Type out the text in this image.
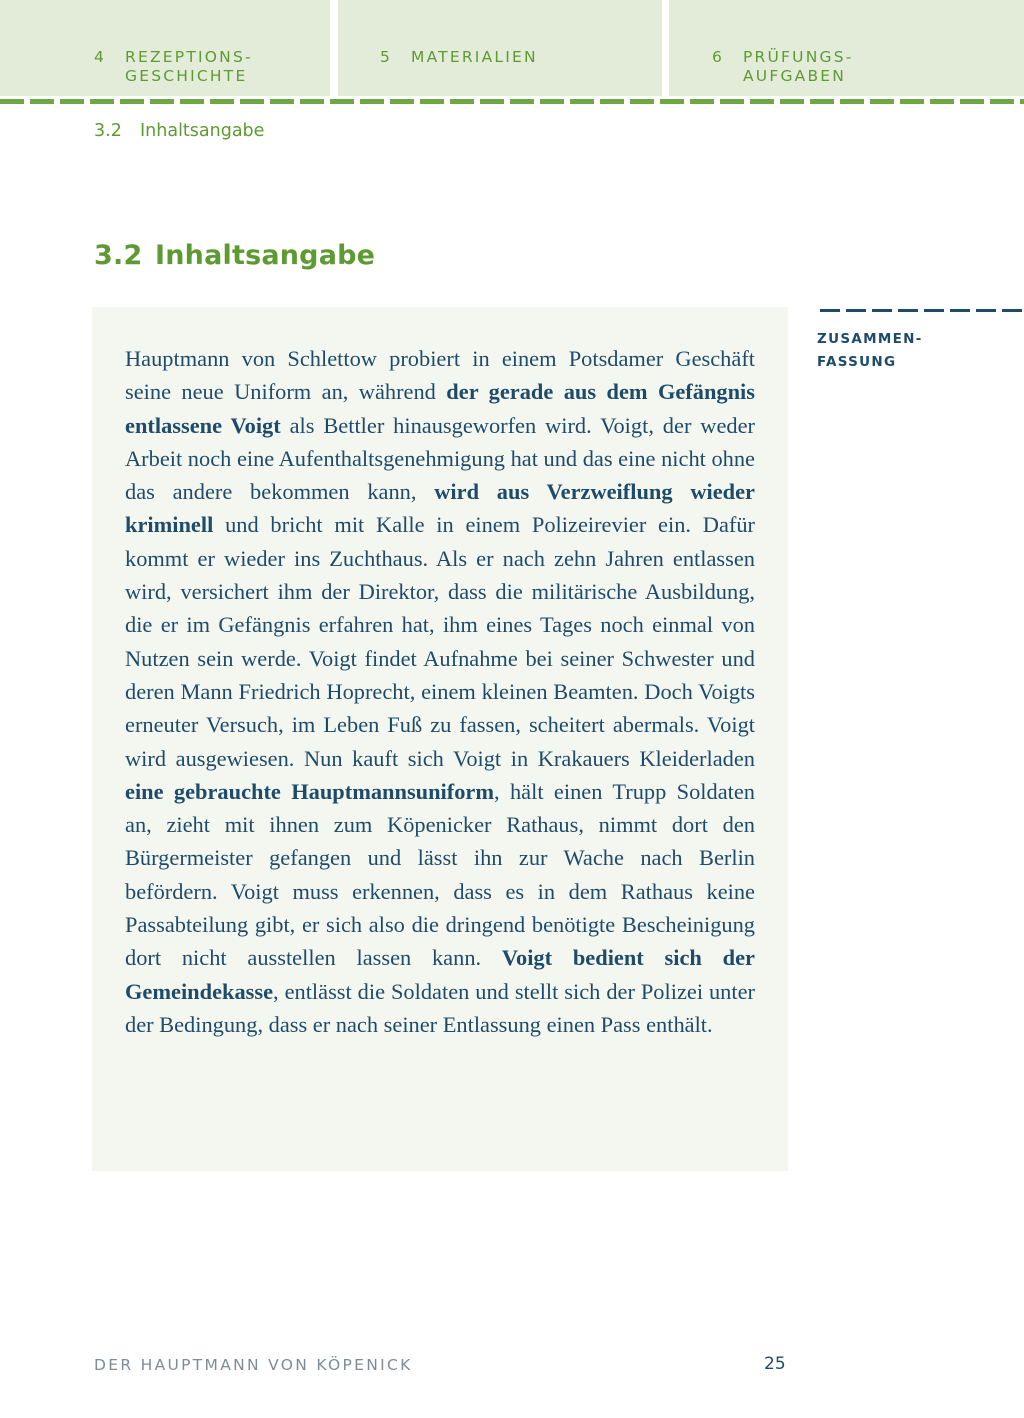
4	REZEPTIONS-
GESCHICHTE
5	MATERIALIEN	6	PRÜFUNGS-
AUFGABEN
3.2	Inhaltsangabe
3.2 Inhaltsangabe
ZUSAMMEN-
FASSUNG

Hauptmann von Schlettow probiert in einem Potsdamer Geschäft seine neue Uniform an, während der gerade aus dem Gefängnis entlassene Voigt als Bettler hinausgeworfen wird. Voigt, der weder Arbeit noch eine Aufenthaltsgenehmigung hat und das eine nicht ohne das andere bekommen kann, wird aus Verzweiflung wieder kriminell und bricht mit Kalle in einem Polizeirevier ein. Dafür kommt er wieder ins Zuchthaus. Als er nach zehn Jahren entlassen wird, versichert ihm der Direktor, dass die militärische Ausbildung, die er im Gefängnis erfahren hat, ihm eines Tages noch einmal von Nutzen sein werde. Voigt findet Aufnahme bei seiner Schwester und deren Mann Friedrich Hoprecht, einem kleinen Beamten. Doch Voigts erneuter Versuch, im Leben Fuß zu fassen, scheitert abermals. Voigt wird ausgewiesen. Nun kauft sich Voigt in Krakauers Kleiderladen eine gebrauchte Hauptmannsuniform, hält einen Trupp Soldaten an, zieht mit ihnen zum Köpenicker Rathaus, nimmt dort den Bürgermeister gefangen und lässt ihn zur Wache nach Berlin befördern. Voigt muss erkennen, dass es in dem Rathaus keine Passabteilung gibt, er sich also die dringend benötigte Bescheinigung dort nicht ausstellen lassen kann. Voigt bedient sich der Gemeindekasse, entlässt die Soldaten und stellt sich der Polizei unter der Bedingung, dass er nach seiner Entlassung einen Pass enthält.

DER HAUPTMANN VON KÖPENICK	25
